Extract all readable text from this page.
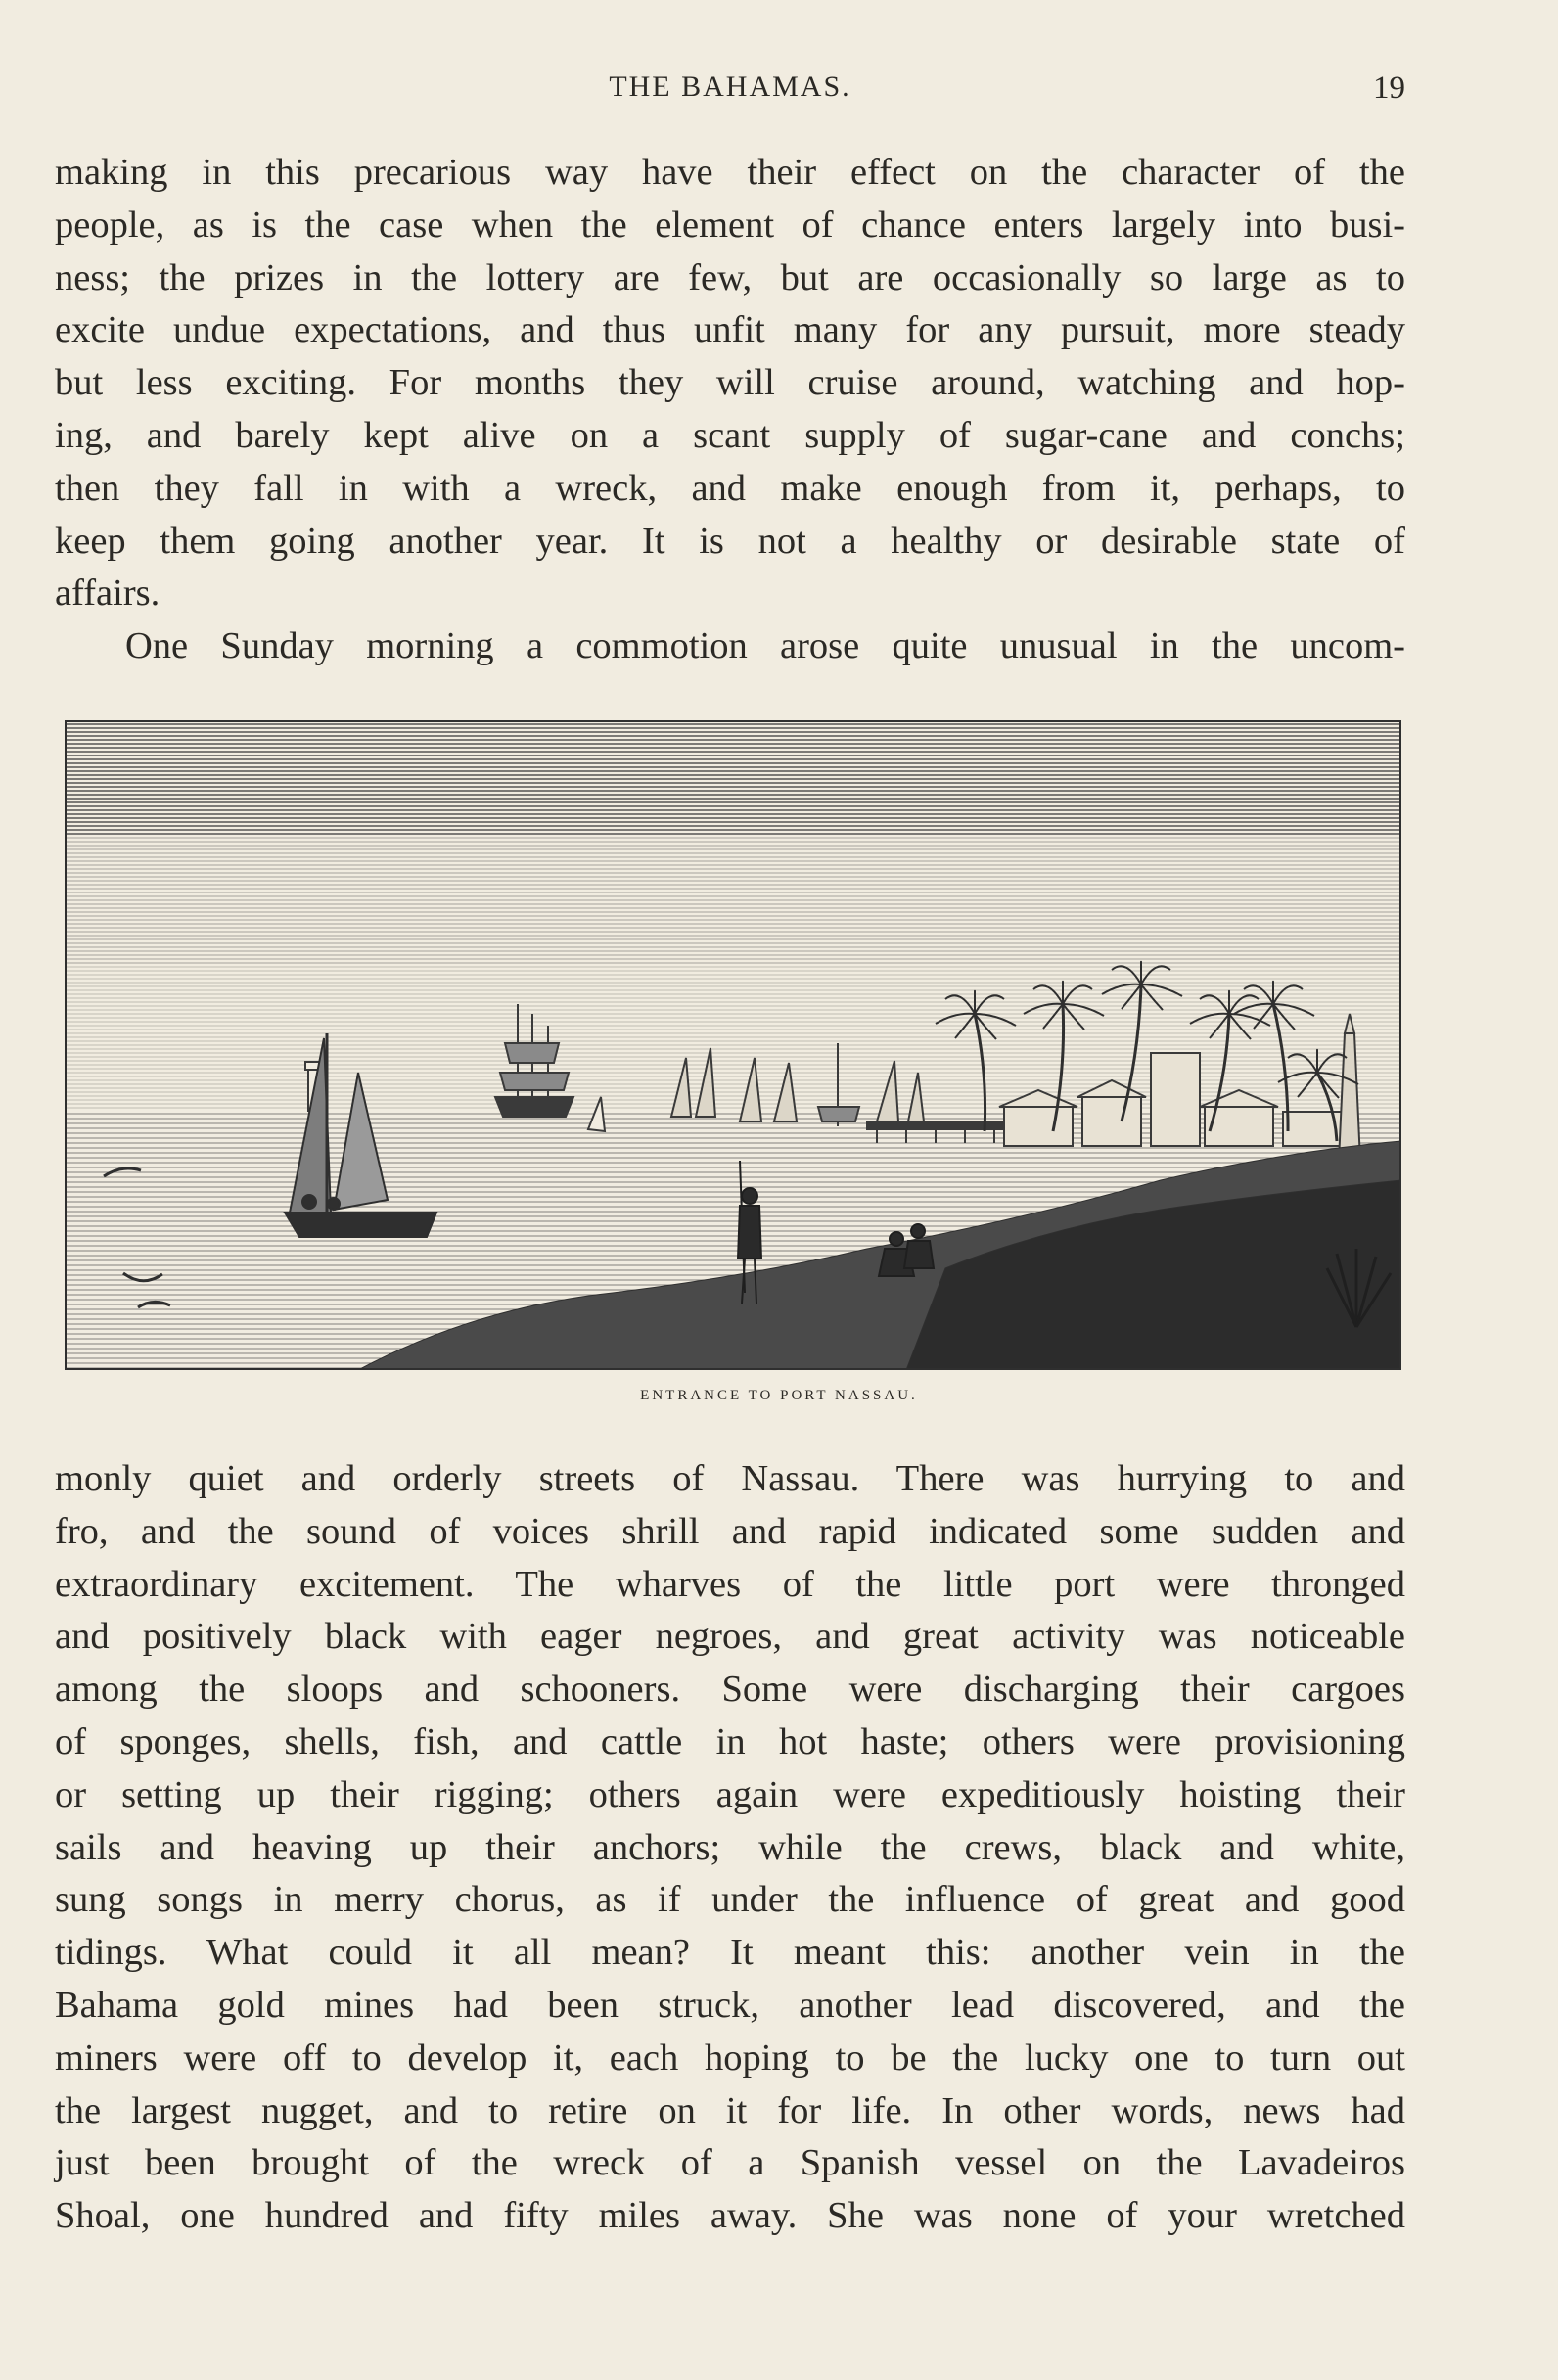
THE BAHAMAS.	19
making in this precarious way have their effect on the character of the
people, as is the case when the element of chance enters largely into busi-
ness; the prizes in the lottery are few, but are occasionally so large as to
excite undue expectations, and thus unfit many for any pursuit, more steady
but less exciting. For months they will cruise around, watching and hop-
ing, and barely kept alive on a scant supply of sugar-cane and conchs;
then they fall in with a wreck, and make enough from it, perhaps, to
keep them going another year. It is not a healthy or desirable state of
affairs.
One Sunday morning a commotion arose quite unusual in the uncom-
ENTRANCE TO PORT NASSAU.
monly quiet and orderly streets of Nassau. There was hurrying to and
fro, and the sound of voices shrill and rapid indicated some sudden and
extraordinary excitement. The wharves of the little port were thronged
and positively black with eager negroes, and great activity was noticeable
among the sloops and schooners. Some were discharging their cargoes
of sponges, shells, fish, and cattle in hot haste; others were provisioning
or setting up their rigging; others again were expeditiously hoisting their
sails and heaving up their anchors; while the crews, black and white,
sung songs in merry chorus, as if under the influence of great and good
tidings. What could it all mean? It meant this: another vein in the
Bahama gold mines had been struck, another lead discovered, and the
miners were off to develop it, each hoping to be the lucky one to turn out
the largest nugget, and to retire on it for life. In other words, news had
just been brought of the wreck of a Spanish vessel on the Lavadeiros
Shoal, one hundred and fifty miles away. She was none of your wretched
